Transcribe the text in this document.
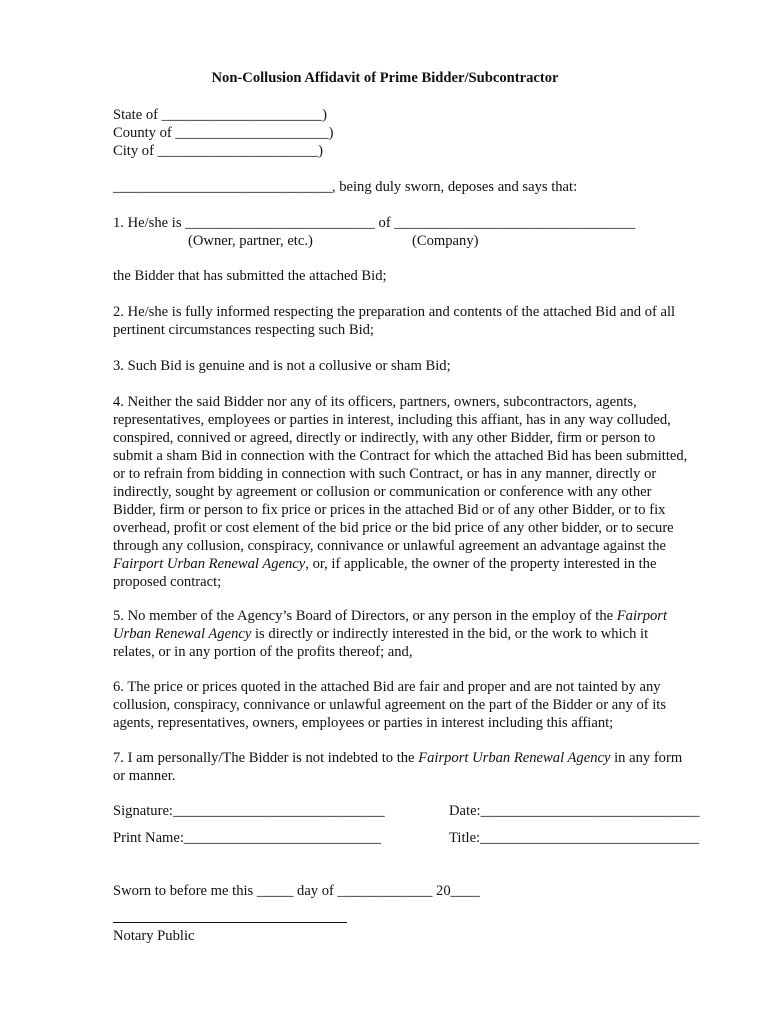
Non-Collusion Affidavit of Prime Bidder/Subcontractor
State of ______________________)
County of _____________________)
City of ______________________)
______________________________, being duly sworn, deposes and says that:
1. He/she is __________________________ of _________________________________
(Owner, partner, etc.)	(Company)
the Bidder that has submitted the attached Bid;
2. He/she is fully informed respecting the preparation and contents of the attached Bid and of all
pertinent circumstances respecting such Bid;
3. Such Bid is genuine and is not a collusive or sham Bid;
4. Neither the said Bidder nor any of its officers, partners, owners, subcontractors, agents,
representatives, employees or parties in interest, including this affiant, has in any way colluded,
conspired, connived or agreed, directly or indirectly, with any other Bidder, firm or person to
submit a sham Bid in connection with the Contract for which the attached Bid has been submitted,
or to refrain from bidding in connection with such Contract, or has in any manner, directly or
indirectly, sought by agreement or collusion or communication or conference with any other
Bidder, firm or person to fix price or prices in the attached Bid or of any other Bidder, or to fix
overhead, profit or cost element of the bid price or the bid price of any other bidder, or to secure
through any collusion, conspiracy, connivance or unlawful agreement an advantage against the
Fairport Urban Renewal Agency, or, if applicable, the owner of the property interested in the
proposed contract;
5. No member of the Agency’s Board of Directors, or any person in the employ of the Fairport
Urban Renewal Agency is directly or indirectly interested in the bid, or the work to which it
relates, or in any portion of the profits thereof; and,
6. The price or prices quoted in the attached Bid are fair and proper and are not tainted by any
collusion, conspiracy, connivance or unlawful agreement on the part of the Bidder or any of its
agents, representatives, owners, employees or parties in interest including this affiant;
7. I am personally/The Bidder is not indebted to the Fairport Urban Renewal Agency in any form
or manner.
Signature:_____________________________	Date:______________________________
Print Name:___________________________	Title:______________________________
Sworn to before me this _____ day of _____________ 20____
Notary Public
